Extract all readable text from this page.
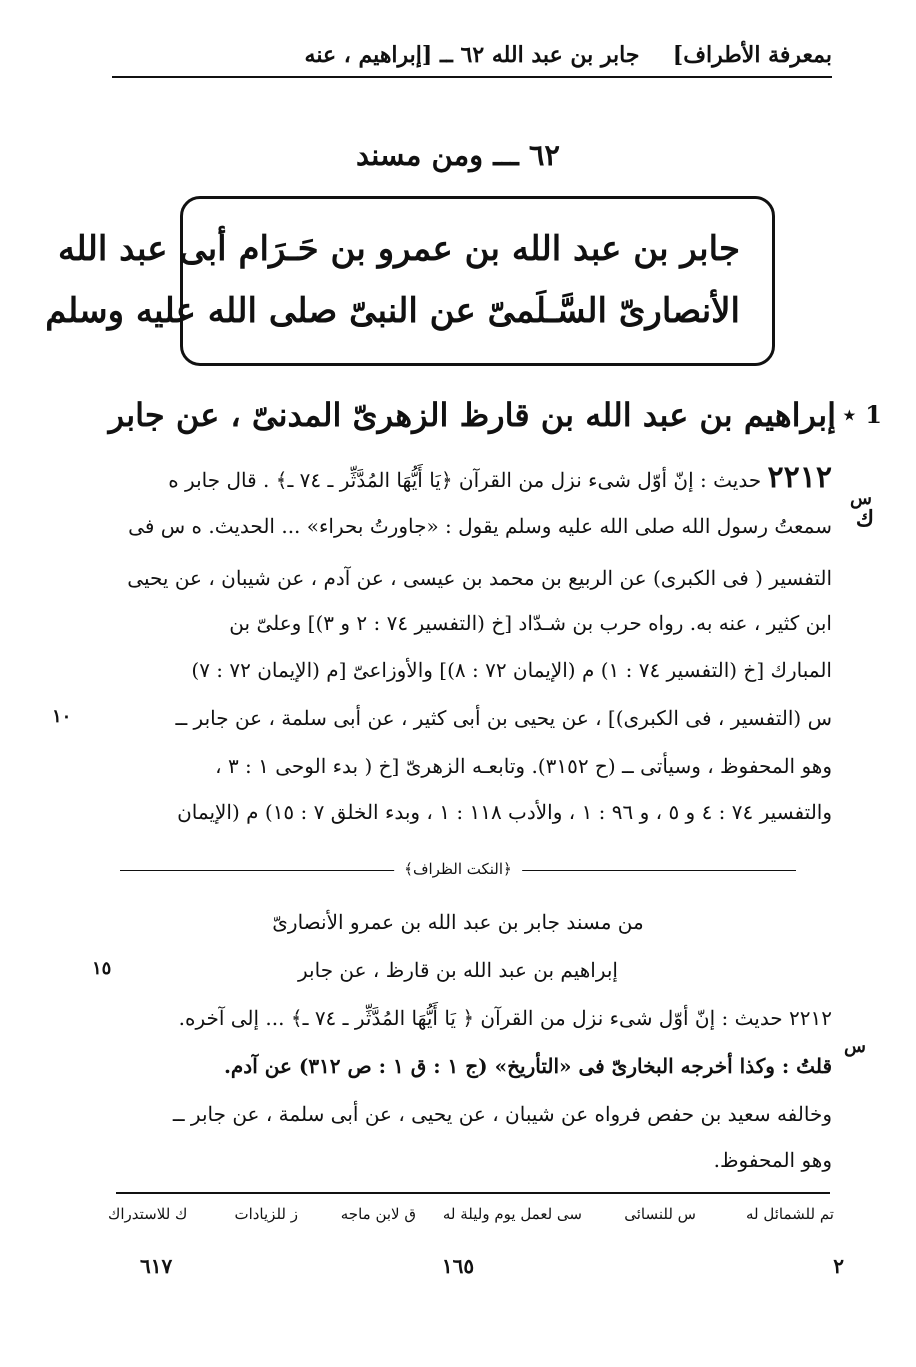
بمعرفة الأطراف]
جابر بن عبد الله ٦٢ ــ [إبراهيم ، عنه
٦٢ ـــ ومن مسند
جابر بن عبد الله بن عمرو بن حَـرَام أبى عبد الله
الأنصارىّ السَّـلَمىّ عن النبىّ صلى الله عليه وسلم
1 ⋆
إبراهيم بن عبد الله بن قارظ الزهرىّ المدنىّ ، عن جابر
٢٢١٢ حديث : إنّ أوّل شىء نزل من القرآن ﴿يَا أَيُّهَا المُدَّثِّر ـ ٧٤ ـ﴾ . قال جابر ه
سمعتُ رسول الله صلى الله عليه وسلم يقول : «جاورتُ بحراء» ... الحديث. ه س فى
التفسير ( فى الكبرى) عن الربيع بن محمد بن عيسى ، عن آدم ، عن شيبان ، عن يحيى
ابن كثير ، عنه به. رواه حرب بن شـدّاد [خ (التفسير ٧٤ : ٢ و ٣)] وعلىّ بن
المبارك [خ (التفسير ٧٤ : ١) م (الإيمان ٧٢ : ٨)] والأوزاعىّ [م (الإيمان ٧٢ : ٧)
س (التفسير ، فى الكبرى)] ، عن يحيى بن أبى كثير ، عن أبى سلمة ، عن جابر ــ
وهو المحفوظ ، وسيأتى ــ (ح ٣١٥٢). وتابعـه الزهرىّ [خ ( بدء الوحى ١ : ٣ ،
والتفسير ٧٤ : ٤ و ٥ ، و ٩٦ : ١ ، والأدب ١١٨ : ١ ، وبدء الخلق ٧ : ١٥) م (الإيمان
س
ك
١٠
١٥
س
﴿النكت الظراف﴾
من مسند جابر بن عبد الله بن عمرو الأنصارىّ
إبراهيم بن عبد الله بن قارظ ، عن جابر
٢٢١٢ حديث : إنّ أوّل شىء نزل من القرآن ﴿ يَا أَيُّهَا المُدَّثِّر ـ ٧٤ ـ﴾ ... إلى آخره.
قلتُ : وكذا أخرجه البخارىّ فى «التأريخ» (ج ١ : ق ١ : ص ٣١٢) عن آدم.
وخالفه سعيد بن حفص فرواه عن شيبان ، عن يحيى ، عن أبى سلمة ، عن جابر ــ
وهو المحفوظ.
تم للشمائل له
س للنسائى
سى لعمل يوم وليلة له
ق لابن ماجه
ز للزيادات
ك للاستدراك
٢
١٦٥
٦١٧
